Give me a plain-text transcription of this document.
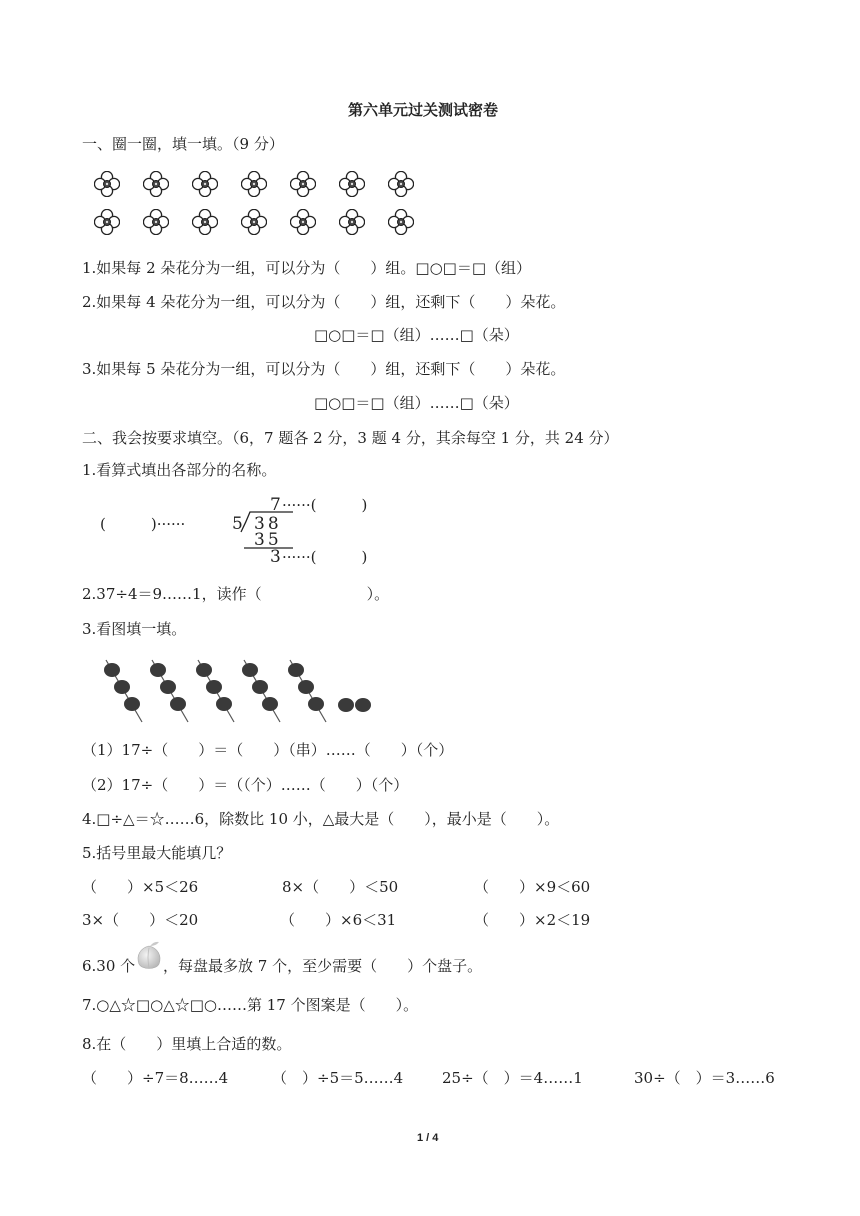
第六单元过关测试密卷
一、圈一圈，填一填。（9 分）
1.如果每 2 朵花分为一组，可以分为（　　）组。□○□＝□（组）
2.如果每 4 朵花分为一组，可以分为（　　）组，还剩下（　　）朵花。
□○□＝□（组）……□（朵）
3.如果每 5 朵花分为一组，可以分为（　　）组，还剩下（　　）朵花。
□○□＝□（组）……□（朵）
二、我会按要求填空。（6，7 题各 2 分，3 题 4 分，其余每空 1 分，共 24 分）
1.看算式填出各部分的名称。
(　　　)······
7 ······(　　　)
5 38
35
3 ······(　　　)
2.37÷4＝9……1，读作（　　　　　　　）。
3.看图填一填。
（1）17÷（　　）＝（　　）（串）……（　　）（个）
（2）17÷（　　）＝（（个）……（　　）（个）
4.□÷△＝☆……6，除数比 10 小，△最大是（　　），最小是（　　）。
5.括号里最大能填几？
（　　）×5＜26	8×（　　）＜50	（　　）×9＜60
3×（　　）＜20	（　　）×6＜31	（　　）×2＜19
6.30 个 ，每盘最多放 7 个，至少需要（　　）个盘子。
7.○△☆□○△☆□○……第 17 个图案是（　　）。
8.在（　　）里填上合适的数。
（　　）÷7＝8……4	（　）÷5＝5……4	25÷（　）＝4……1	30÷（　）＝3……6
1 / 4
